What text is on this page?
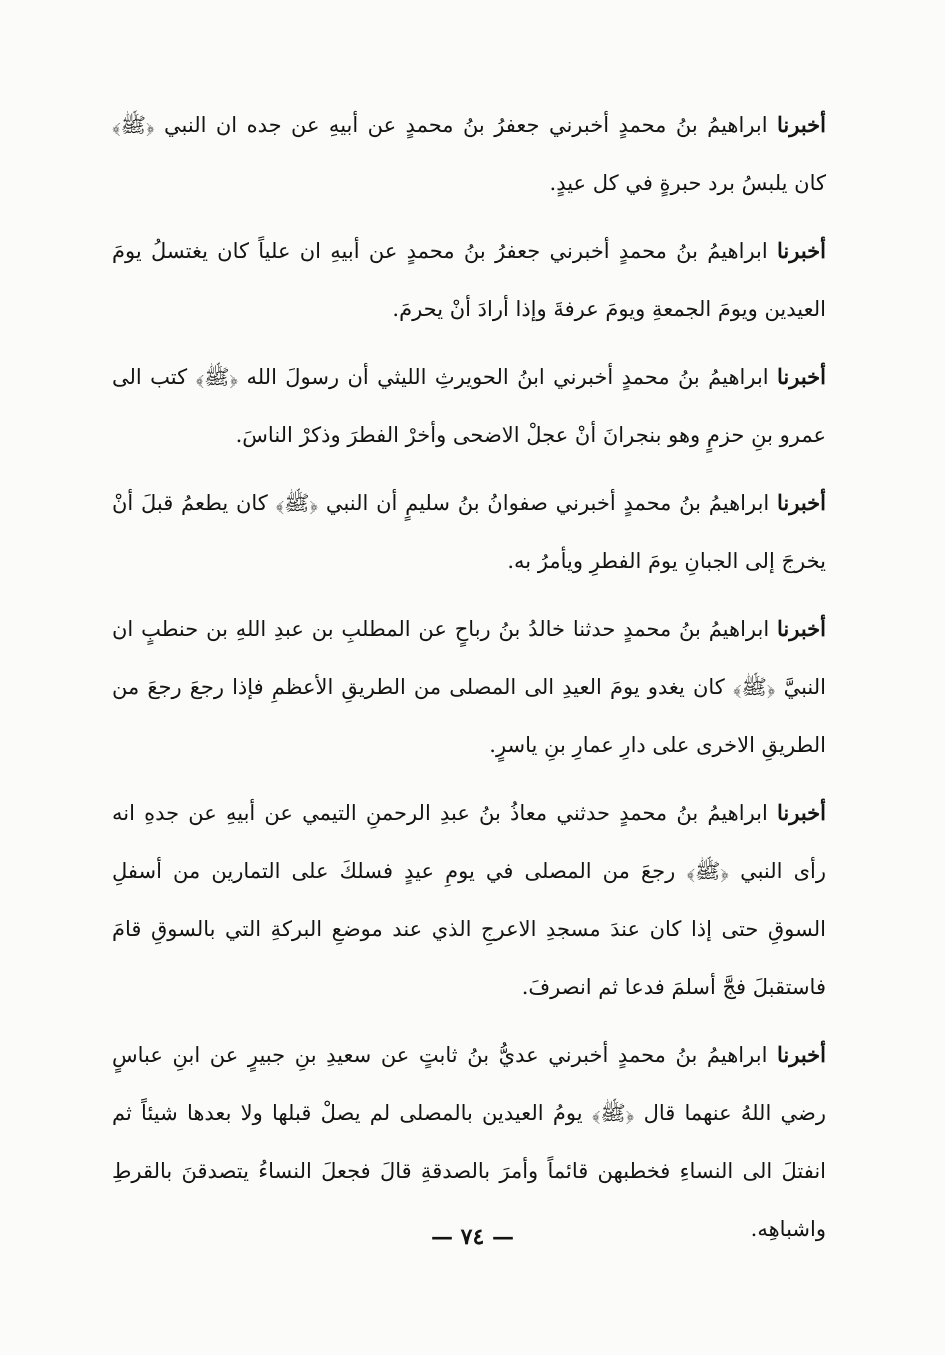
أخبرنا ابراهيمُ بنُ محمدٍ أخبرني جعفرُ بنُ محمدٍ عن أبيهِ عن جده ان النبي ﴿ﷺ﴾ كان يلبسُ برد حبرةٍ في كل عيدٍ.

أخبرنا ابراهيمُ بنُ محمدٍ أخبرني جعفرُ بنُ محمدٍ عن أبيهِ ان علياً كان يغتسلُ يومَ العيدين ويومَ الجمعةِ ويومَ عرفةَ وإذا أرادَ أنْ يحرمَ.

أخبرنا ابراهيمُ بنُ محمدٍ أخبرني ابنُ الحويرثِ الليثي أن رسولَ الله ﴿ﷺ﴾ كتب الى عمرو بنِ حزمٍ وهو بنجرانَ أنْ عجلْ الاضحى وأخرْ الفطرَ وذكرْ الناسَ.

أخبرنا ابراهيمُ بنُ محمدٍ أخبرني صفوانُ بنُ سليمٍ أن النبي ﴿ﷺ﴾ كان يطعمُ قبلَ أنْ يخرجَ إلى الجبانِ يومَ الفطرِ ويأمرُ به.

أخبرنا ابراهيمُ بنُ محمدٍ حدثنا خالدُ بنُ رباحٍ عن المطلبِ بن عبدِ اللهِ بن حنطبٍ ان النبيَّ ﴿ﷺ﴾ كان يغدو يومَ العيدِ الى المصلى من الطريقِ الأعظمِ فإذا رجعَ رجعَ من الطريقِ الاخرى على دارِ عمارِ بنِ ياسرٍ.

أخبرنا ابراهيمُ بنُ محمدٍ حدثني معاذُ بنُ عبدِ الرحمنِ التيمي عن أبيهِ عن جدهِ انه رأى النبي ﴿ﷺ﴾ رجعَ من المصلى في يومِ عيدٍ فسلكَ على التمارين من أسفلِ السوقِ حتى إذا كان عندَ مسجدِ الاعرجِ الذي عند موضعِ البركةِ التي بالسوقِ قامَ فاستقبلَ فجَّ أسلمَ فدعا ثم انصرفَ.

أخبرنا ابراهيمُ بنُ محمدٍ أخبرني عديُّ بنُ ثابتٍ عن سعيدِ بنِ جبيرٍ عن ابنِ عباسٍ رضي اللهُ عنهما قال ﴿ﷺ﴾ يومُ العيدين بالمصلى لم يصلْ قبلها ولا بعدها شيئاً ثم انفتلَ الى النساءِ فخطبهن قائماً وأمرَ بالصدقةِ قالَ فجعلَ النساءُ يتصدقنَ بالقرطِ واشباهِه.

— ٧٤ —
